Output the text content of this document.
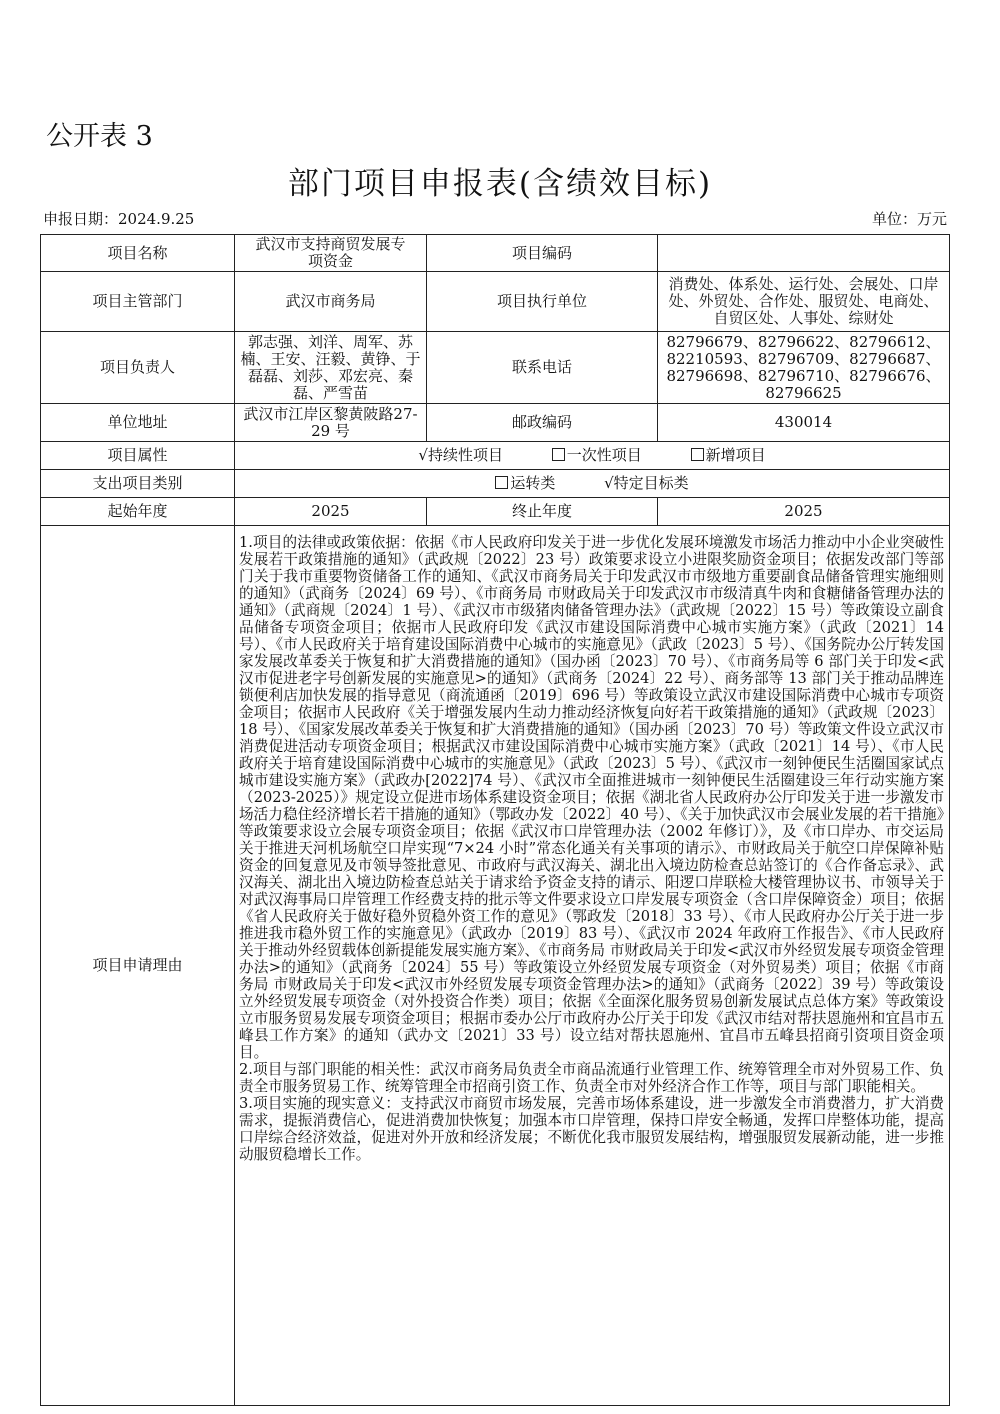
公开表 3
部门项目申报表(含绩效目标)
申报日期：2024.9.25	单位：万元
项目名称	武汉市支持商贸发展专项资金	项目编码	
项目主管部门	武汉市商务局	项目执行单位	消费处、体系处、运行处、会展处、口岸处、外贸处、合作处、服贸处、电商处、自贸区处、人事处、综财处
项目负责人	郭志强、刘洋、周军、苏楠、王安、汪毅、黄铮、于磊磊、刘莎、邓宏亮、秦磊、严雪苗	联系电话	82796679、82796622、82796612、82210593、82796709、82796687、82796698、82796710、82796676、82796625
单位地址	武汉市江岸区黎黄陂路27-29 号	邮政编码	430014
项目属性	√持续性项目 一次性项目 新增项目		
支出项目类别	运转类 √特定目标类		
起始年度	2025	终止年度	2025
项目申请理由	1.项目的法律或政策依据：依据《市人民政府印发关于进一步优化发展环境激发市场活力推动中小企业突破性发展若干政策措施的通知》（武政规〔2022〕23 号）政策要求设立小进限奖励资金项目；依据发改部门等部门关于我市重要物资储备工作的通知、《武汉市商务局关于印发武汉市市级地方重要副食品储备管理实施细则的通知》（武商务〔2024〕69 号）、《市商务局 市财政局关于印发武汉市市级清真牛肉和食糖储备管理办法的通知》（武商规〔2024〕1 号）、《武汉市市级猪肉储备管理办法》（武政规〔2022〕15 号）等政策设立副食品储备专项资金项目；依据市人民政府印发《武汉市建设国际消费中心城市实施方案》（武政〔2021〕14 号）、《市人民政府关于培育建设国际消费中心城市的实施意见》（武政〔2023〕5 号）、《国务院办公厅转发国家发展改革委关于恢复和扩大消费措施的通知》（国办函〔2023〕70 号）、《市商务局等 6 部门关于印发<武汉市促进老字号创新发展的实施意见>的通知》（武商务〔2024〕22 号）、商务部等 13 部门关于推动品牌连锁便利店加快发展的指导意见（商流通函〔2019〕696 号）等政策设立武汉市建设国际消费中心城市专项资金项目；依据市人民政府《关于增强发展内生动力推动经济恢复向好若干政策措施的通知》（武政规〔2023〕18 号）、《国家发展改革委关于恢复和扩大消费措施的通知》（国办函〔2023〕70 号）等政策文件设立武汉市消费促进活动专项资金项目；根据武汉市建设国际消费中心城市实施方案》（武政〔2021〕14 号）、《市人民政府关于培育建设国际消费中心城市的实施意见》（武政〔2023〕5 号）、《武汉市一刻钟便民生活圈国家试点城市建设实施方案》（武政办[2022]74 号）、《武汉市全面推进城市一刻钟便民生活圈建设三年行动实施方案（2023-2025）》规定设立促进市场体系建设资金项目；依据《湖北省人民政府办公厅印发关于进一步激发市场活力稳住经济增长若干措施的通知》（鄂政办发〔2022〕40 号）、《关于加快武汉市会展业发展的若干措施》等政策要求设立会展专项资金项目；依据《武汉市口岸管理办法（2002 年修订）》，及《市口岸办、市交运局关于推进天河机场航空口岸实现“7×24 小时”常态化通关有关事项的请示》、市财政局关于航空口岸保障补贴资金的回复意见及市领导签批意见、市政府与武汉海关、湖北出入境边防检查总站签订的《合作备忘录》、武汉海关、湖北出入境边防检查总站关于请求给予资金支持的请示、阳逻口岸联检大楼管理协议书、市领导关于对武汉海事局口岸管理工作经费支持的批示等文件要求设立口岸发展专项资金（含口岸保障资金）项目；依据《省人民政府关于做好稳外贸稳外资工作的意见》（鄂政发〔2018〕33 号）、《市人民政府办公厅关于进一步推进我市稳外贸工作的实施意见》（武政办〔2019〕83 号）、《武汉市 2024 年政府工作报告》、《市人民政府关于推动外经贸载体创新提能发展实施方案》、《市商务局 市财政局关于印发<武汉市外经贸发展专项资金管理办法>的通知》（武商务〔2024〕55 号）等政策设立外经贸发展专项资金（对外贸易类）项目；依据《市商务局 市财政局关于印发<武汉市外经贸发展专项资金管理办法>的通知》（武商务〔2022〕39 号）等政策设立外经贸发展专项资金（对外投资合作类）项目；依据《全面深化服务贸易创新发展试点总体方案》等政策设立市服务贸易发展专项资金项目；根据市委办公厅市政府办公厅关于印发《武汉市结对帮扶恩施州和宜昌市五峰县工作方案》的通知（武办文〔2021〕33 号）设立结对帮扶恩施州、宜昌市五峰县招商引资项目资金项目。

2.项目与部门职能的相关性：武汉市商务局负责全市商品流通行业管理工作、统筹管理全市对外贸易工作、负责全市服务贸易工作、统筹管理全市招商引资工作、负责全市对外经济合作工作等，项目与部门职能相关。

3.项目实施的现实意义：支持武汉市商贸市场发展，完善市场体系建设，进一步激发全市消费潜力，扩大消费需求，提振消费信心，促进消费加快恢复；加强本市口岸管理，保持口岸安全畅通，发挥口岸整体功能，提高口岸综合经济效益，促进对外开放和经济发展；不断优化我市服贸发展结构，增强服贸发展新动能，进一步推动服贸稳增长工作。		
